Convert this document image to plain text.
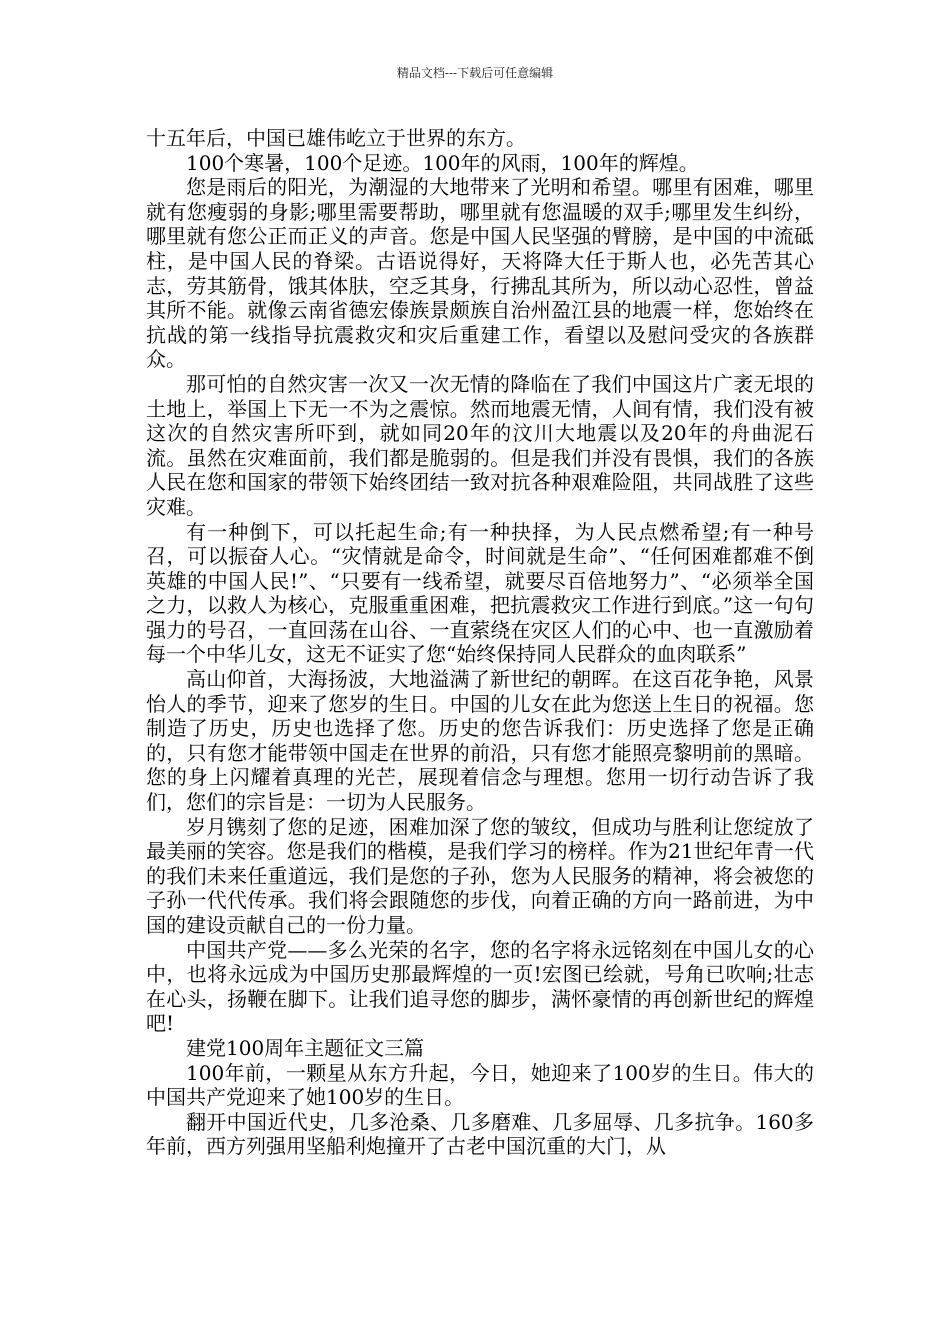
精品文档---下载后可任意编辑

十五年后，中国已雄伟屹立于世界的东方。

100个寒暑，100个足迹。100年的风雨，100年的辉煌。

您是雨后的阳光，为潮湿的大地带来了光明和希望。哪里有困难，哪里就有您瘦弱的身影;哪里需要帮助，哪里就有您温暖的双手;哪里发生纠纷，哪里就有您公正而正义的声音。您是中国人民坚强的臂膀，是中国的中流砥柱，是中国人民的脊梁。古语说得好，天将降大任于斯人也，必先苦其心志，劳其筋骨，饿其体肤，空乏其身，行拂乱其所为，所以动心忍性，曾益其所不能。就像云南省德宏傣族景颇族自治州盈江县的地震一样，您始终在抗战的第一线指导抗震救灾和灾后重建工作，看望以及慰问受灾的各族群众。

那可怕的自然灾害一次又一次无情的降临在了我们中国这片广袤无垠的土地上，举国上下无一不为之震惊。然而地震无情，人间有情，我们没有被这次的自然灾害所吓到，就如同20年的汶川大地震以及20年的舟曲泥石流。虽然在灾难面前，我们都是脆弱的。但是我们并没有畏惧，我们的各族人民在您和国家的带领下始终团结一致对抗各种艰难险阻，共同战胜了这些灾难。

有一种倒下，可以托起生命;有一种抉择，为人民点燃希望;有一种号召，可以振奋人心。“灾情就是命令，时间就是生命”、“任何困难都难不倒英雄的中国人民!”、“只要有一线希望，就要尽百倍地努力”、“必须举全国之力，以救人为核心，克服重重困难，把抗震救灾工作进行到底。”这一句句强力的号召，一直回荡在山谷、一直萦绕在灾区人们的心中、也一直激励着每一个中华儿女，这无不证实了您“始终保持同人民群众的血肉联系”

高山仰首，大海扬波，大地溢满了新世纪的朝晖。在这百花争艳，风景怡人的季节，迎来了您岁的生日。中国的儿女在此为您送上生日的祝福。您制造了历史，历史也选择了您。历史的您告诉我们：历史选择了您是正确的，只有您才能带领中国走在世界的前沿，只有您才能照亮黎明前的黑暗。您的身上闪耀着真理的光芒，展现着信念与理想。您用一切行动告诉了我们，您们的宗旨是：一切为人民服务。

岁月镌刻了您的足迹，困难加深了您的皱纹，但成功与胜利让您绽放了最美丽的笑容。您是我们的楷模，是我们学习的榜样。作为21世纪年青一代的我们未来任重道远，我们是您的子孙，您为人民服务的精神，将会被您的子孙一代代传承。我们将会跟随您的步伐，向着正确的方向一路前进，为中国的建设贡献自己的一份力量。

中国共产党——多么光荣的名字，您的名字将永远铭刻在中国儿女的心中，也将永远成为中国历史那最辉煌的一页!宏图已绘就，号角已吹响;壮志在心头，扬鞭在脚下。让我们追寻您的脚步，满怀豪情的再创新世纪的辉煌吧!

建党100周年主题征文三篇

100年前，一颗星从东方升起，今日，她迎来了100岁的生日。伟大的中国共产党迎来了她100岁的生日。

翻开中国近代史，几多沧桑、几多磨难、几多屈辱、几多抗争。160多年前，西方列强用坚船利炮撞开了古老中国沉重的大门，从
